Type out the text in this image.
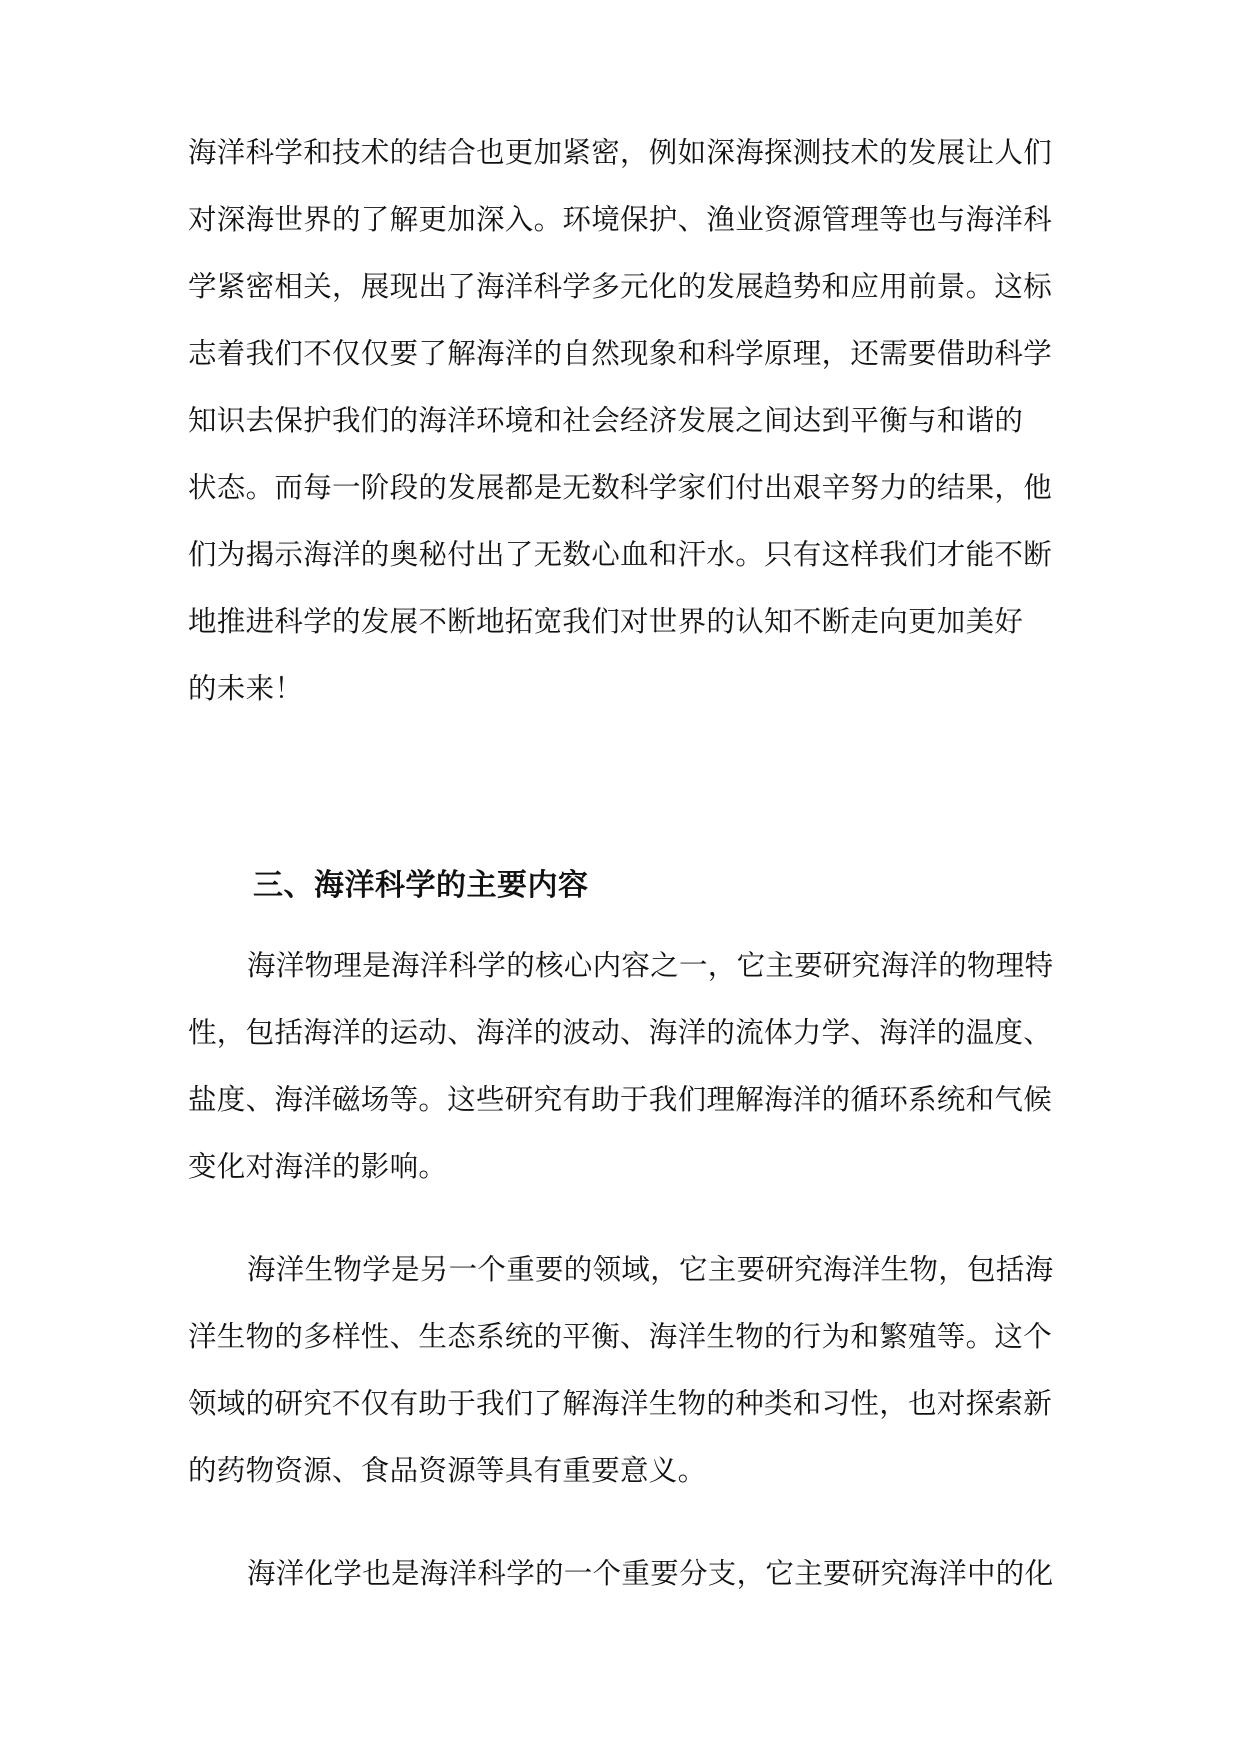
海洋科学和技术的结合也更加紧密，例如深海探测技术的发展让人们
对深海世界的了解更加深入。环境保护、渔业资源管理等也与海洋科
学紧密相关，展现出了海洋科学多元化的发展趋势和应用前景。这标
志着我们不仅仅要了解海洋的自然现象和科学原理，还需要借助科学
知识去保护我们的海洋环境和社会经济发展之间达到平衡与和谐的
状态。而每一阶段的发展都是无数科学家们付出艰辛努力的结果，他
们为揭示海洋的奥秘付出了无数心血和汗水。只有这样我们才能不断
地推进科学的发展不断地拓宽我们对世界的认知不断走向更加美好
的未来！
三、海洋科学的主要内容
海洋物理是海洋科学的核心内容之一，它主要研究海洋的物理特
性，包括海洋的运动、海洋的波动、海洋的流体力学、海洋的温度、
盐度、海洋磁场等。这些研究有助于我们理解海洋的循环系统和气候
变化对海洋的影响。
海洋生物学是另一个重要的领域，它主要研究海洋生物，包括海
洋生物的多样性、生态系统的平衡、海洋生物的行为和繁殖等。这个
领域的研究不仅有助于我们了解海洋生物的种类和习性，也对探索新
的药物资源、食品资源等具有重要意义。
海洋化学也是海洋科学的一个重要分支，它主要研究海洋中的化
